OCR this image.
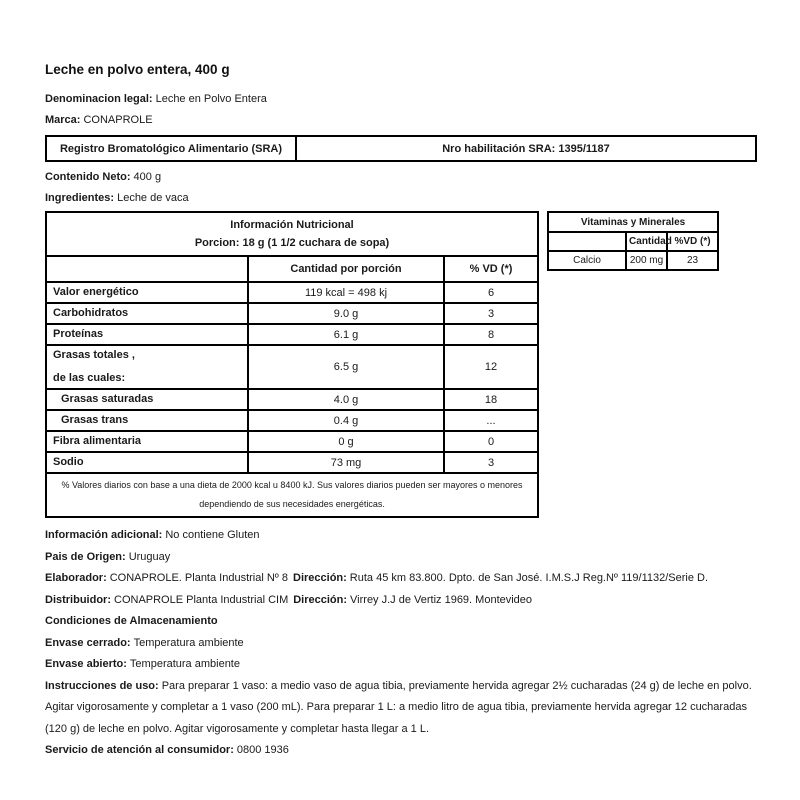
Leche en polvo entera, 400 g
Denominacion legal: Leche en Polvo Entera
Marca: CONAPROLE
Registro Bromatológico Alimentario (SRA)	Nro habilitación SRA: 1395/1187
Contenido Neto: 400 g
Ingredientes: Leche de vaca
Información Nutricional
Porcion: 18 g (1 1/2 cuchara de sopa)		

	Cantidad por porción	% VD (*)
Valor energético	119 kcal = 498 kj	6
Carbohidratos	9.0 g	3
Proteínas	6.1 g	8

Grasas totales ,
de las cuales:	6.5 g	12
Grasas saturadas	4.0 g	18
Grasas trans	0.4 g	...
Fibra alimentaria	0 g	0
Sodio	73 mg	3
% Valores diarios con base a una dieta de 2000 kcal u 8400 kJ. Sus valores diarios pueden ser mayores o menores dependiendo de sus necesidades energéticas.		
Vitaminas y Minerales		
	Cantidad	%VD (*)
Calcio	200 mg	23
Información adicional: No contiene Gluten
Pais de Origen: Uruguay
Elaborador: CONAPROLE. Planta Industrial Nº 8 Dirección: Ruta 45 km 83.800. Dpto. de San José. I.M.S.J Reg.Nº 119/1132/Serie D.
Distribuidor: CONAPROLE Planta Industrial CIM Dirección: Virrey J.J de Vertiz 1969. Montevideo
Condiciones de Almacenamiento
Envase cerrado: Temperatura ambiente
Envase abierto: Temperatura ambiente
Instrucciones de uso: Para preparar 1 vaso: a medio vaso de agua tibia, previamente hervida agregar 2½ cucharadas (24 g) de leche en polvo. Agitar vigorosamente y completar a 1 vaso (200 mL). Para preparar 1 L: a medio litro de agua tibia, previamente hervida agregar 12 cucharadas (120 g) de leche en polvo. Agitar vigorosamente y completar hasta llegar a 1 L.
Servicio de atención al consumidor: 0800 1936
